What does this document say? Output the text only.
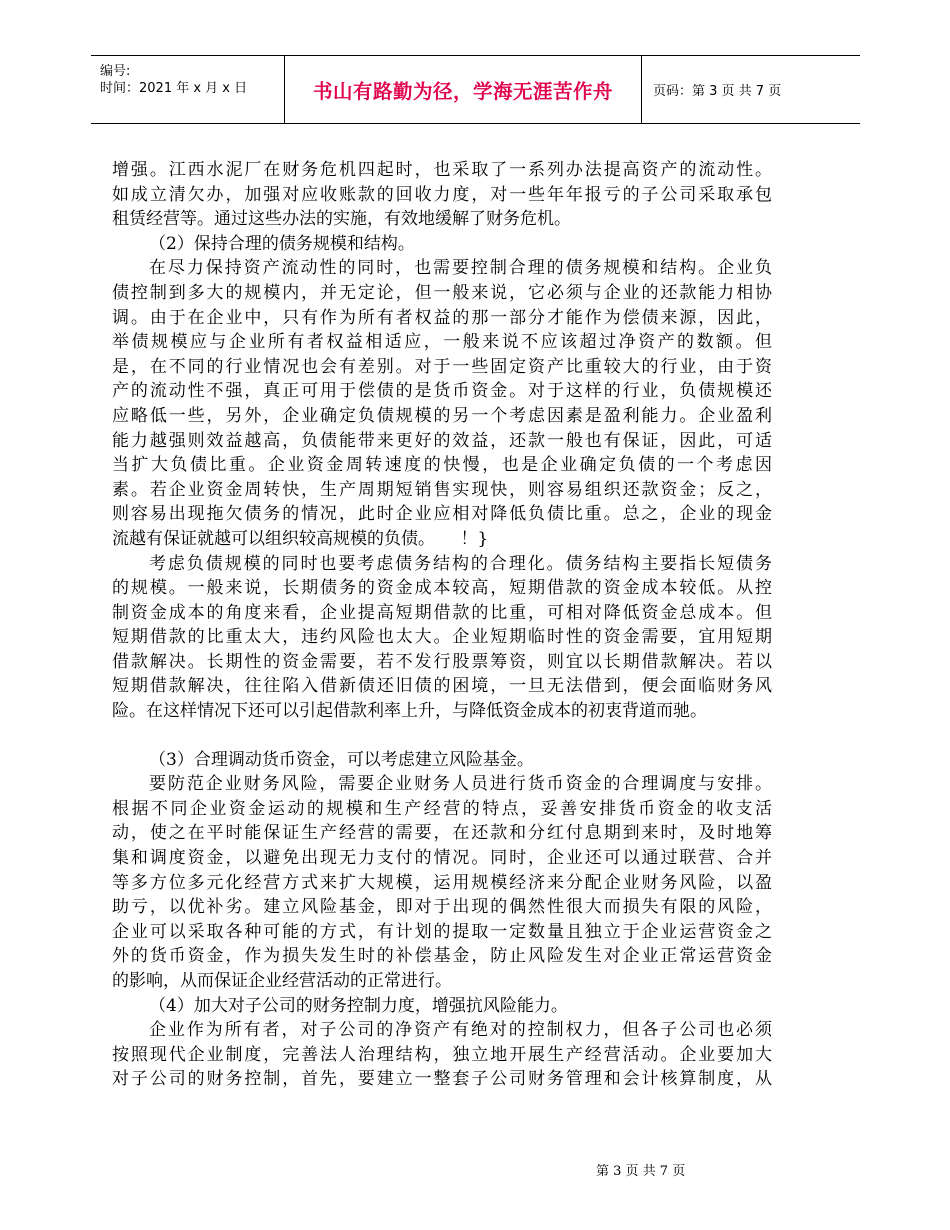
编号:
时间：2021 年 x 月 x 日	书山有路勤为径，学海无涯苦作舟	页码：第 3 页 共 7 页
增强。江西水泥厂在财务危机四起时，也采取了一系列办法提高资产的流动性。
如成立清欠办，加强对应收账款的回收力度，对一些年年报亏的子公司采取承包
租赁经营等。通过这些办法的实施，有效地缓解了财务危机。
（2）保持合理的债务规模和结构。
在尽力保持资产流动性的同时，也需要控制合理的债务规模和结构。企业负
债控制到多大的规模内，并无定论，但一般来说，它必须与企业的还款能力相协
调。由于在企业中，只有作为所有者权益的那一部分才能作为偿债来源，因此，
举债规模应与企业所有者权益相适应，一般来说不应该超过净资产的数额。但
是，在不同的行业情况也会有差别。对于一些固定资产比重较大的行业，由于资
产的流动性不强，真正可用于偿债的是货币资金。对于这样的行业，负债规模还
应略低一些，另外，企业确定负债规模的另一个考虑因素是盈利能力。企业盈利
能力越强则效益越高，负债能带来更好的效益，还款一般也有保证，因此，可适
当扩大负债比重。企业资金周转速度的快慢，也是企业确定负债的一个考虑因
素。若企业资金周转快，生产周期短销售实现快，则容易组织还款资金；反之，
则容易出现拖欠债务的情况，此时企业应相对降低负债比重。总之，企业的现金
流越有保证就越可以组织较高规模的负债。　　！}
考虑负债规模的同时也要考虑债务结构的合理化。债务结构主要指长短债务
的规模。一般来说，长期债务的资金成本较高，短期借款的资金成本较低。从控
制资金成本的角度来看，企业提高短期借款的比重，可相对降低资金总成本。但
短期借款的比重太大，违约风险也太大。企业短期临时性的资金需要，宜用短期
借款解决。长期性的资金需要，若不发行股票筹资，则宜以长期借款解决。若以
短期借款解决，往往陷入借新债还旧债的困境，一旦无法借到，便会面临财务风
险。在这样情况下还可以引起借款利率上升，与降低资金成本的初衷背道而驰。
（3）合理调动货币资金，可以考虑建立风险基金。
要防范企业财务风险，需要企业财务人员进行货币资金的合理调度与安排。
根据不同企业资金运动的规模和生产经营的特点，妥善安排货币资金的收支活
动，使之在平时能保证生产经营的需要，在还款和分红付息期到来时，及时地筹
集和调度资金，以避免出现无力支付的情况。同时，企业还可以通过联营、合并
等多方位多元化经营方式来扩大规模，运用规模经济来分配企业财务风险，以盈
助亏，以优补劣。建立风险基金，即对于出现的偶然性很大而损失有限的风险，
企业可以采取各种可能的方式，有计划的提取一定数量且独立于企业运营资金之
外的货币资金，作为损失发生时的补偿基金，防止风险发生对企业正常运营资金
的影响，从而保证企业经营活动的正常进行。
（4）加大对子公司的财务控制力度，增强抗风险能力。
企业作为所有者，对子公司的净资产有绝对的控制权力，但各子公司也必须
按照现代企业制度，完善法人治理结构，独立地开展生产经营活动。企业要加大
对子公司的财务控制，首先，要建立一整套子公司财务管理和会计核算制度，从
第 3 页 共 7 页
